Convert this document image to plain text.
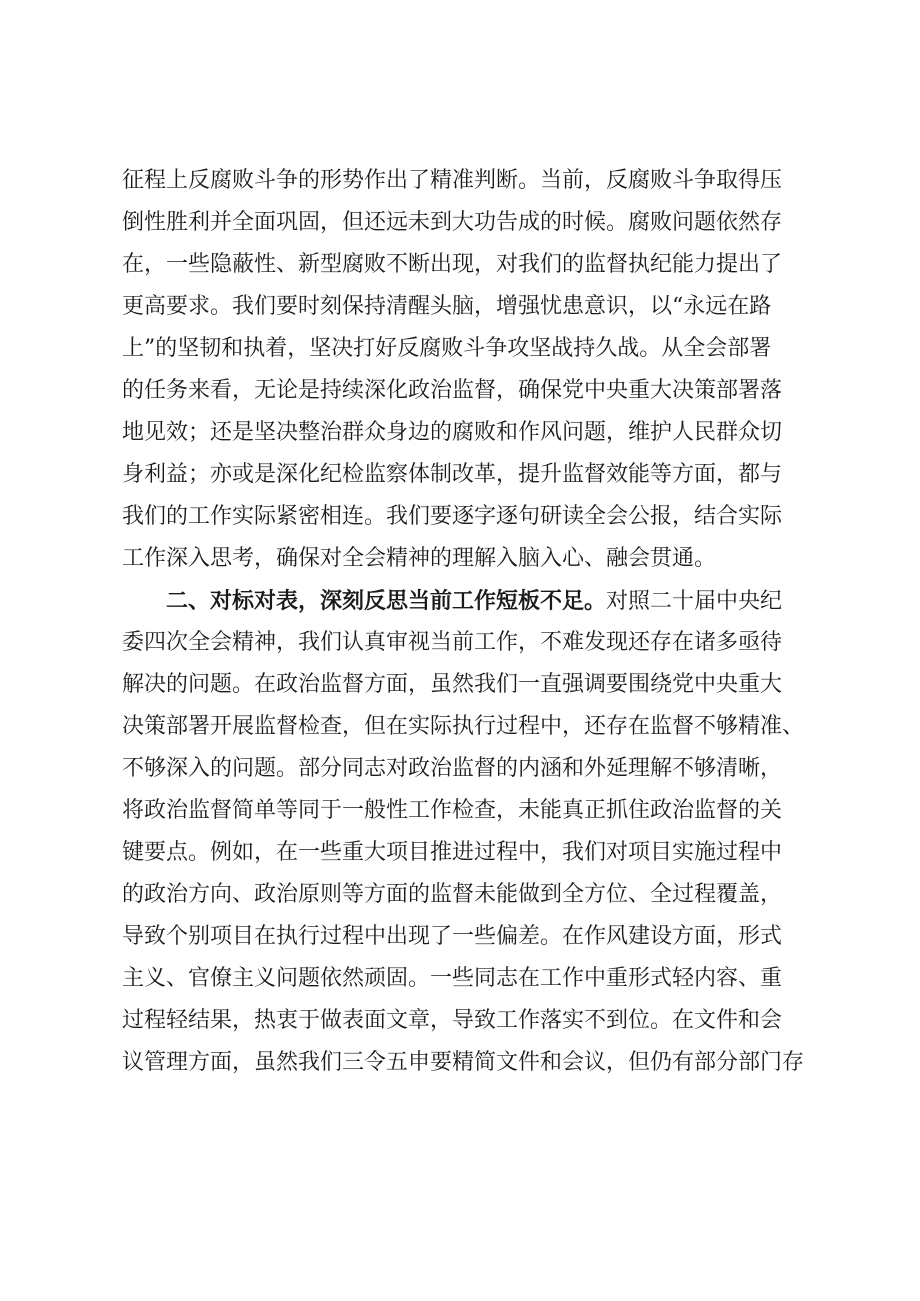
征程上反腐败斗争的形势作出了精准判断。当前，反腐败斗争取得压
倒性胜利并全面巩固，但还远未到大功告成的时候。腐败问题依然存
在，一些隐蔽性、新型腐败不断出现，对我们的监督执纪能力提出了
更高要求。我们要时刻保持清醒头脑，增强忧患意识，以“永远在路
上”的坚韧和执着，坚决打好反腐败斗争攻坚战持久战。从全会部署
的任务来看，无论是持续深化政治监督，确保党中央重大决策部署落
地见效；还是坚决整治群众身边的腐败和作风问题，维护人民群众切
身利益；亦或是深化纪检监察体制改革，提升监督效能等方面，都与
我们的工作实际紧密相连。我们要逐字逐句研读全会公报，结合实际
工作深入思考，确保对全会精神的理解入脑入心、融会贯通。
二、对标对表，深刻反思当前工作短板不足。对照二十届中央纪
委四次全会精神，我们认真审视当前工作，不难发现还存在诸多亟待
解决的问题。在政治监督方面，虽然我们一直强调要围绕党中央重大
决策部署开展监督检查，但在实际执行过程中，还存在监督不够精准、
不够深入的问题。部分同志对政治监督的内涵和外延理解不够清晰，
将政治监督简单等同于一般性工作检查，未能真正抓住政治监督的关
键要点。例如，在一些重大项目推进过程中，我们对项目实施过程中
的政治方向、政治原则等方面的监督未能做到全方位、全过程覆盖，
导致个别项目在执行过程中出现了一些偏差。在作风建设方面，形式
主义、官僚主义问题依然顽固。一些同志在工作中重形式轻内容、重
过程轻结果，热衷于做表面文章，导致工作落实不到位。在文件和会
议管理方面，虽然我们三令五申要精简文件和会议，但仍有部分部门存
